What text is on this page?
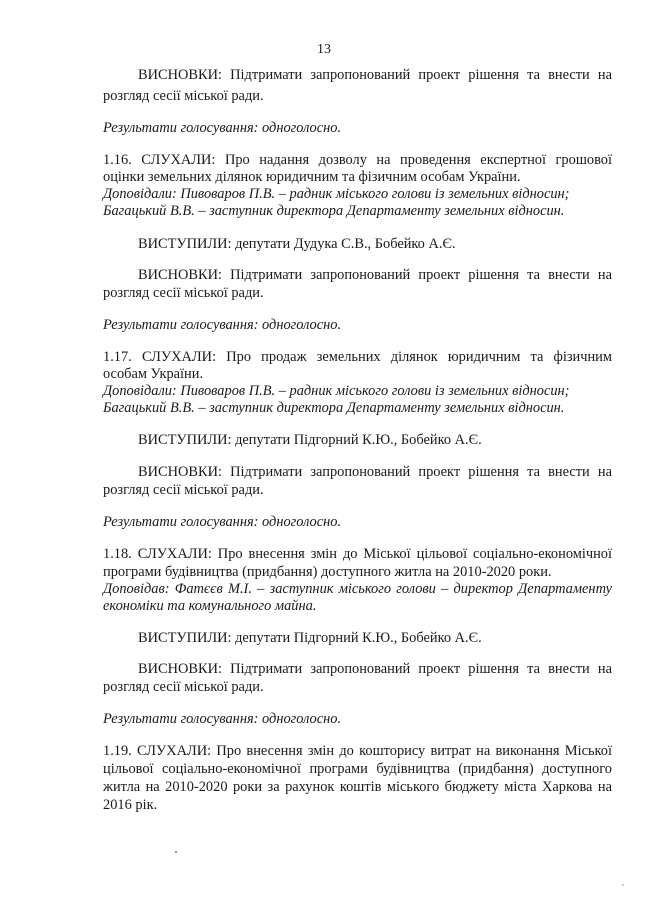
13
ВИСНОВКИ: Підтримати запропонований проект рішення та внести на
розгляд сесії міської ради.
Результати голосування: одноголосно.
1.16. СЛУХАЛИ: Про надання дозволу на проведення експертної грошової
оцінки земельних ділянок юридичним та фізичним особам України.
Доповідали: Пивоваров П.В. – радник міського голови із земельних відносин;
Багацький В.В. – заступник директора Департаменту земельних відносин.
ВИСТУПИЛИ: депутати Дудука С.В., Бобейко А.Є.
ВИСНОВКИ: Підтримати запропонований проект рішення та внести на
розгляд сесії міської ради.
Результати голосування: одноголосно.
1.17. СЛУХАЛИ: Про продаж земельних ділянок юридичним та фізичним
особам України.
Доповідали: Пивоваров П.В. – радник міського голови із земельних відносин;
Багацький В.В. – заступник директора Департаменту земельних відносин.
ВИСТУПИЛИ: депутати Підгорний К.Ю., Бобейко А.Є.
ВИСНОВКИ: Підтримати запропонований проект рішення та внести на
розгляд сесії міської ради.
Результати голосування: одноголосно.
1.18. СЛУХАЛИ: Про внесення змін до Міської цільової соціально-економічної
програми будівництва (придбання) доступного житла на 2010-2020 роки.
Доповідав: Фатєєв М.І. – заступник міського голови – директор Департаменту
економіки та комунального майна.
ВИСТУПИЛИ: депутати Підгорний К.Ю., Бобейко А.Є.
ВИСНОВКИ: Підтримати запропонований проект рішення та внести на
розгляд сесії міської ради.
Результати голосування: одноголосно.
1.19. СЛУХАЛИ: Про внесення змін до кошторису витрат на виконання Міської
цільової соціально-економічної програми будівництва (придбання) доступного
житла на 2010-2020 роки за рахунок коштів міського бюджету міста Харкова на
2016 рік.
